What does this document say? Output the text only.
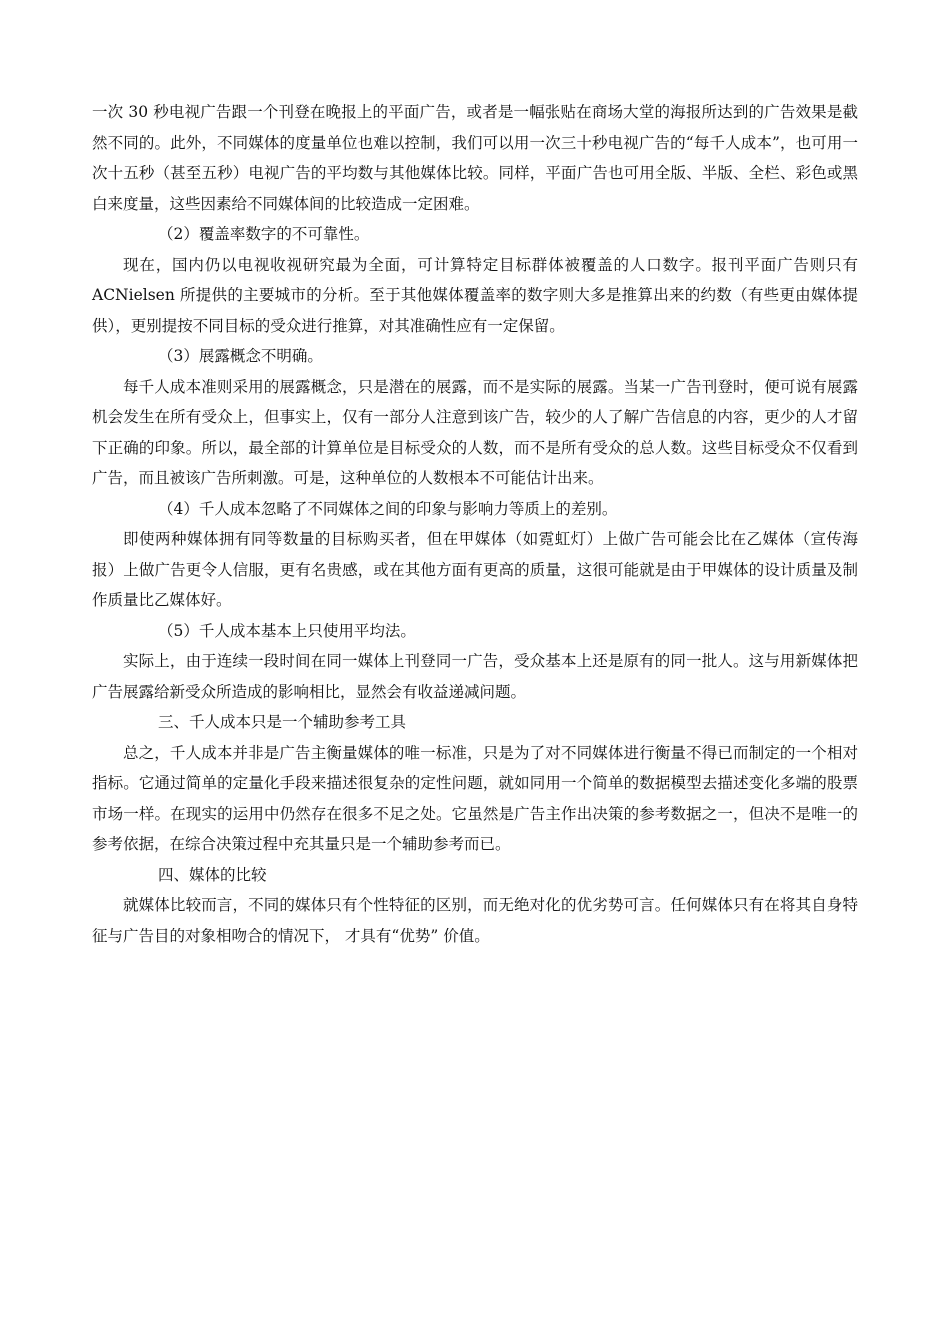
一次 30 秒电视广告跟一个刊登在晚报上的平面广告，或者是一幅张贴在商场大堂的海报所达到的广告效果是截然不同的。此外，不同媒体的度量单位也难以控制，我们可以用一次三十秒电视广告的“每千人成本”，也可用一次十五秒（甚至五秒）电视广告的平均数与其他媒体比较。同样，平面广告也可用全版、半版、全栏、彩色或黑白来度量，这些因素给不同媒体间的比较造成一定困难。

（2）覆盖率数字的不可靠性。

现在，国内仍以电视收视研究最为全面，可计算特定目标群体被覆盖的人口数字。报刊平面广告则只有 ACNielsen 所提供的主要城市的分析。至于其他媒体覆盖率的数字则大多是推算出来的约数（有些更由媒体提供），更别提按不同目标的受众进行推算，对其准确性应有一定保留。

（3）展露概念不明确。

每千人成本准则采用的展露概念，只是潜在的展露，而不是实际的展露。当某一广告刊登时，便可说有展露机会发生在所有受众上，但事实上，仅有一部分人注意到该广告，较少的人了解广告信息的内容，更少的人才留下正确的印象。所以，最全部的计算单位是目标受众的人数，而不是所有受众的总人数。这些目标受众不仅看到广告，而且被该广告所刺激。可是，这种单位的人数根本不可能估计出来。

（4）千人成本忽略了不同媒体之间的印象与影响力等质上的差别。

即使两种媒体拥有同等数量的目标购买者，但在甲媒体（如霓虹灯）上做广告可能会比在乙媒体（宣传海报）上做广告更令人信服，更有名贵感，或在其他方面有更高的质量，这很可能就是由于甲媒体的设计质量及制作质量比乙媒体好。

（5）千人成本基本上只使用平均法。

实际上，由于连续一段时间在同一媒体上刊登同一广告，受众基本上还是原有的同一批人。这与用新媒体把广告展露给新受众所造成的影响相比，显然会有收益递减问题。

三、千人成本只是一个辅助参考工具

总之，千人成本并非是广告主衡量媒体的唯一标准，只是为了对不同媒体进行衡量不得已而制定的一个相对指标。它通过简单的定量化手段来描述很复杂的定性问题，就如同用一个简单的数据模型去描述变化多端的股票市场一样。在现实的运用中仍然存在很多不足之处。它虽然是广告主作出决策的参考数据之一，但决不是唯一的参考依据，在综合决策过程中充其量只是一个辅助参考而已。

四、媒体的比较

就媒体比较而言，不同的媒体只有个性特征的区别，而无绝对化的优劣势可言。任何媒体只有在将其自身特征与广告目的对象相吻合的情况下， 才具有“优势” 价值。
